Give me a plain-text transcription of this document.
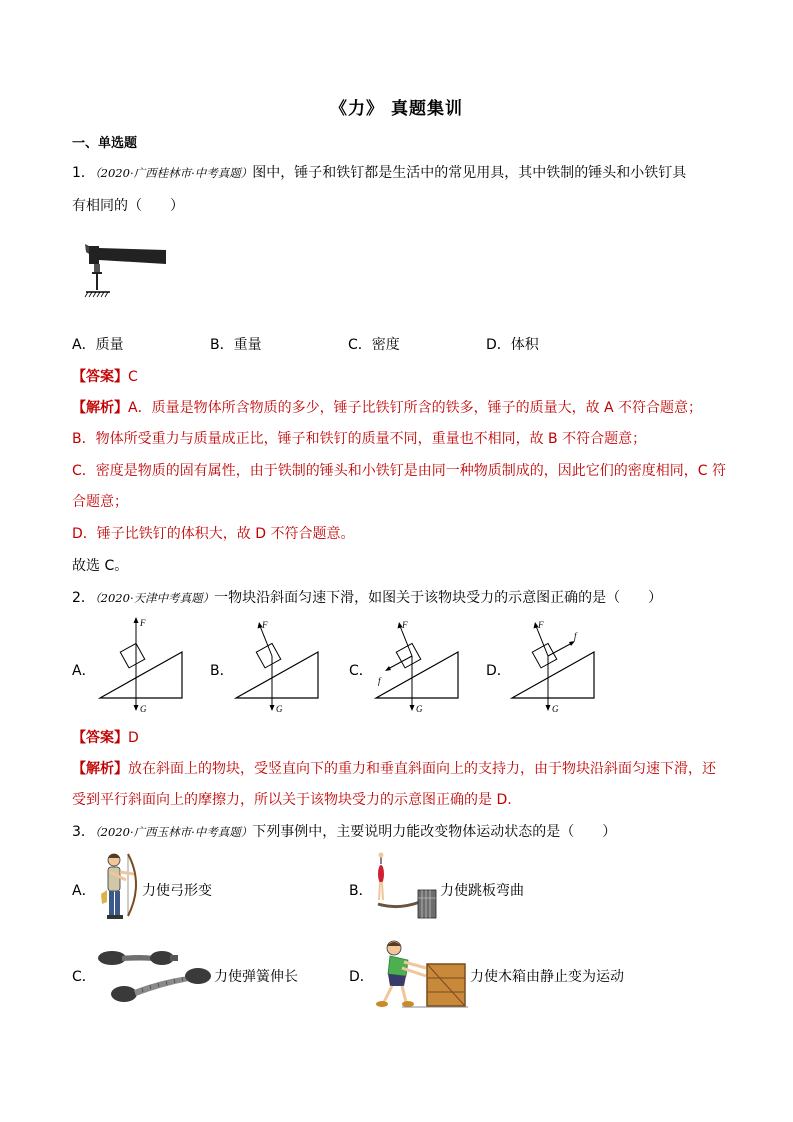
《力》 真题集训
一、单选题
1．（2020·广西桂林市·中考真题）图中，锤子和铁钉都是生活中的常见用具，其中铁制的锤头和小铁钉具
有相同的（　　）
A．质量	B．重量	C．密度	D．体积
【答案】C
【解析】A．质量是物体所含物质的多少，锤子比铁钉所含的铁多，锤子的质量大，故 A 不符合题意；
B．物体所受重力与质量成正比，锤子和铁钉的质量不同，重量也不相同，故 B 不符合题意；
C．密度是物质的固有属性，由于铁制的锤头和小铁钉是由同一种物质制成的，因此它们的密度相同，C 符
合题意；
D．锤子比铁钉的体积大，故 D 不符合题意。
故选 C。
2．（2020·天津中考真题）一物块沿斜面匀速下滑，如图关于该物块受力的示意图正确的是（　　）
A．	B．	C．	D．
F
G
F
G
F
G
f
F
G
f
【答案】D
【解析】放在斜面上的物块，受竖直向下的重力和垂直斜面向上的支持力，由于物块沿斜面匀速下滑，还
受到平行斜面向上的摩擦力，所以关于该物块受力的示意图正确的是 D.
3．（2020·广西玉林市·中考真题）下列事例中，主要说明力能改变物体运动状态的是（　　）
A．	力使弓形变	B．	力使跳板弯曲
C．	力使弹簧伸长	D．	力使木箱由静止变为运动
